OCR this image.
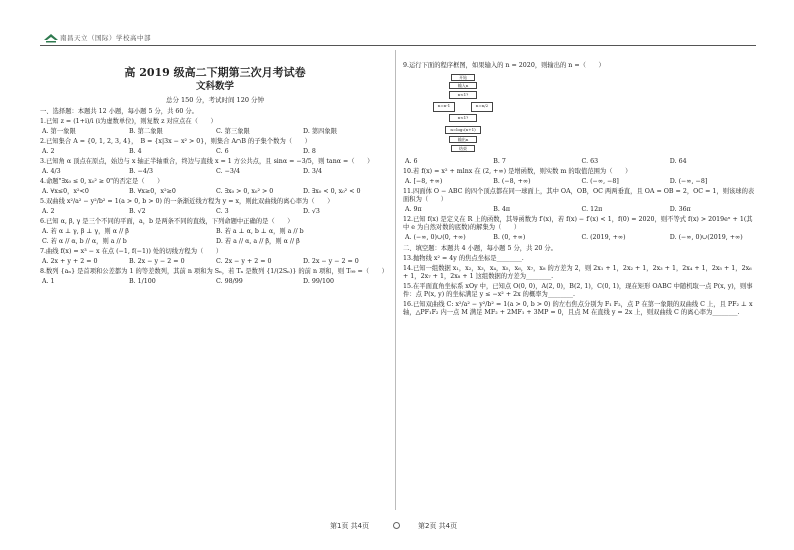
南昌天立（国际）学校高中部
高 2019 级高二下期第三次月考试卷
文科数学
总分 150 分，考试时间 120 分钟

一、选择题：本题共 12 小题，每小题 5 分，共 60 分。

1.已知 z = (1+i)/i (i为虚数单位)，则复数 z 对应点在（　　）

A. 第一象限	B. 第二象限	C. 第三象限	D. 第四象限

2.已知集合 A = {0, 1, 2, 3, 4}，　B = {x|3x − x² > 0}，则集合 A∩B 的子集个数为（　　）

A. 2	B. 4	C. 6	D. 8

3.已知角 α 顶点在原点，始边与 x 轴正半轴重合，终边与直线 x = 1 方公共点，且 sinα = −3/5，则 tanα =（　　）

A. 4/3	B. −4/3	C. −3/4	D. 3/4

4.命题"∃x₀ ≤ 0, x₀² ≥ 0"的否定是（　　）

A. ∀x≤0，x²<0	B. ∀x≥0，x²≥0	C. ∃x₀ > 0, x₀² > 0	D. ∃x₀ < 0, x₀² < 0

5.双曲线 x²/a² − y²/b² = 1(a > 0, b > 0) 的一条渐近线方程为 y = x，则此双曲线的离心率为（　　）

A. 2	B. √2	C. 3	D. √3

6.已知 α, β, γ 是三个不同的平面，a，b 是两条不同的直线，下列命题中正确的是（　　）

A. 若 α ⊥ γ, β ⊥ γ，则 α // β	B. 若 a ⊥ α, b ⊥ α，则 a // b
C. 若 α // α, b // α，则 a // b	D. 若 a // α, a // β，则 α // β

7.曲线 f(x) = x³ − x 在点 (−1, f(−1)) 处的切线方程为（　　）

A. 2x + y + 2 = 0	B. 2x − y − 2 = 0	C. 2x − y + 2 = 0	D. 2x − y − 2 = 0

8.数列 {aₙ} 是首项和公差都为 1 的等差数列，其前 n 项和为 Sₙ，若 Tₙ 是数列 {1/(2Sₙ)} 的前 n 项和，则 T₉₉ =（　　）

A. 1	B. 1/100	C. 98/99	D. 99/100

9.运行下面的程序框图，如果输入的 n = 2020，则输出的 n =（　　）

开始
输入n
n<1?
n=n-1	n=n/2
n<1?
n=log₂(n+1)
输出n
结束
A. 6	B. 7	C. 63	D. 64

10.若 f(x) = x² + mlnx 在 (2, +∞) 是增函数，则实数 m 的取值范围为（　　）

A. [−8, +∞)	B. (−8, +∞)	C. (−∞, −8]	D. (−∞, −8]

11.四面体 O − ABC 的四个顶点都在同一球面上，其中 OA，OB，OC 两两垂直，且 OA = OB = 2，OC = 1，则该球的表面积为（　　）

A. 9π	B. 4π	C. 12π	D. 36π

12.已知 f(x) 是定义在 R 上的函数，其导函数为 f′(x)，若 f(x) − f′(x) < 1，f(0) = 2020，则不等式 f(x) > 2019eˣ + 1(其中 e 为自然对数的底数)的解集为（　　）

A. (−∞, 0)∪(0, +∞)	B. (0, +∞)	C. (2019, +∞)	D. (−∞, 0)∪(2019, +∞)

二、填空题：本题共 4 小题，每小题 5 分，共 20 分。

13.抛物线 x² = 4y 的焦点坐标是________.

14.已知一组数据 x₁，x₂，x₃，x₄，x₅，x₆，x₇，x₈ 的方差为 2，则 2x₁ + 1，2x₂ + 1，2x₃ + 1，2x₄ + 1，2x₅ + 1，2x₆ + 1，2x₇ + 1，2x₈ + 1 这组数据的方差为________.

15.在平面直角坐标系 xOy 中，已知点 O(0, 0)，A(2, 0)，B(2, 1)，C(0, 1)，现在矩形 OABC 中随机取一点 P(x, y)，则事件：点 P(x, y) 的坐标满足 y ≤ −x² + 2x 的概率为________.

16.已知双曲线 C: x²/a² − y²/b² = 1(a > 0, b > 0) 的左右焦点分别为 F₁ F₂，点 P 在第一象限的双曲线 C 上，且 PF₂ ⊥ x 轴，△PF₁F₂ 内一点 M 满足 MF₂ + 2MF₁ + 3MP = 0，且点 M 在直线 y = 2x 上，则双曲线 C 的离心率为________.

第1页 共4页	第2页 共4页
